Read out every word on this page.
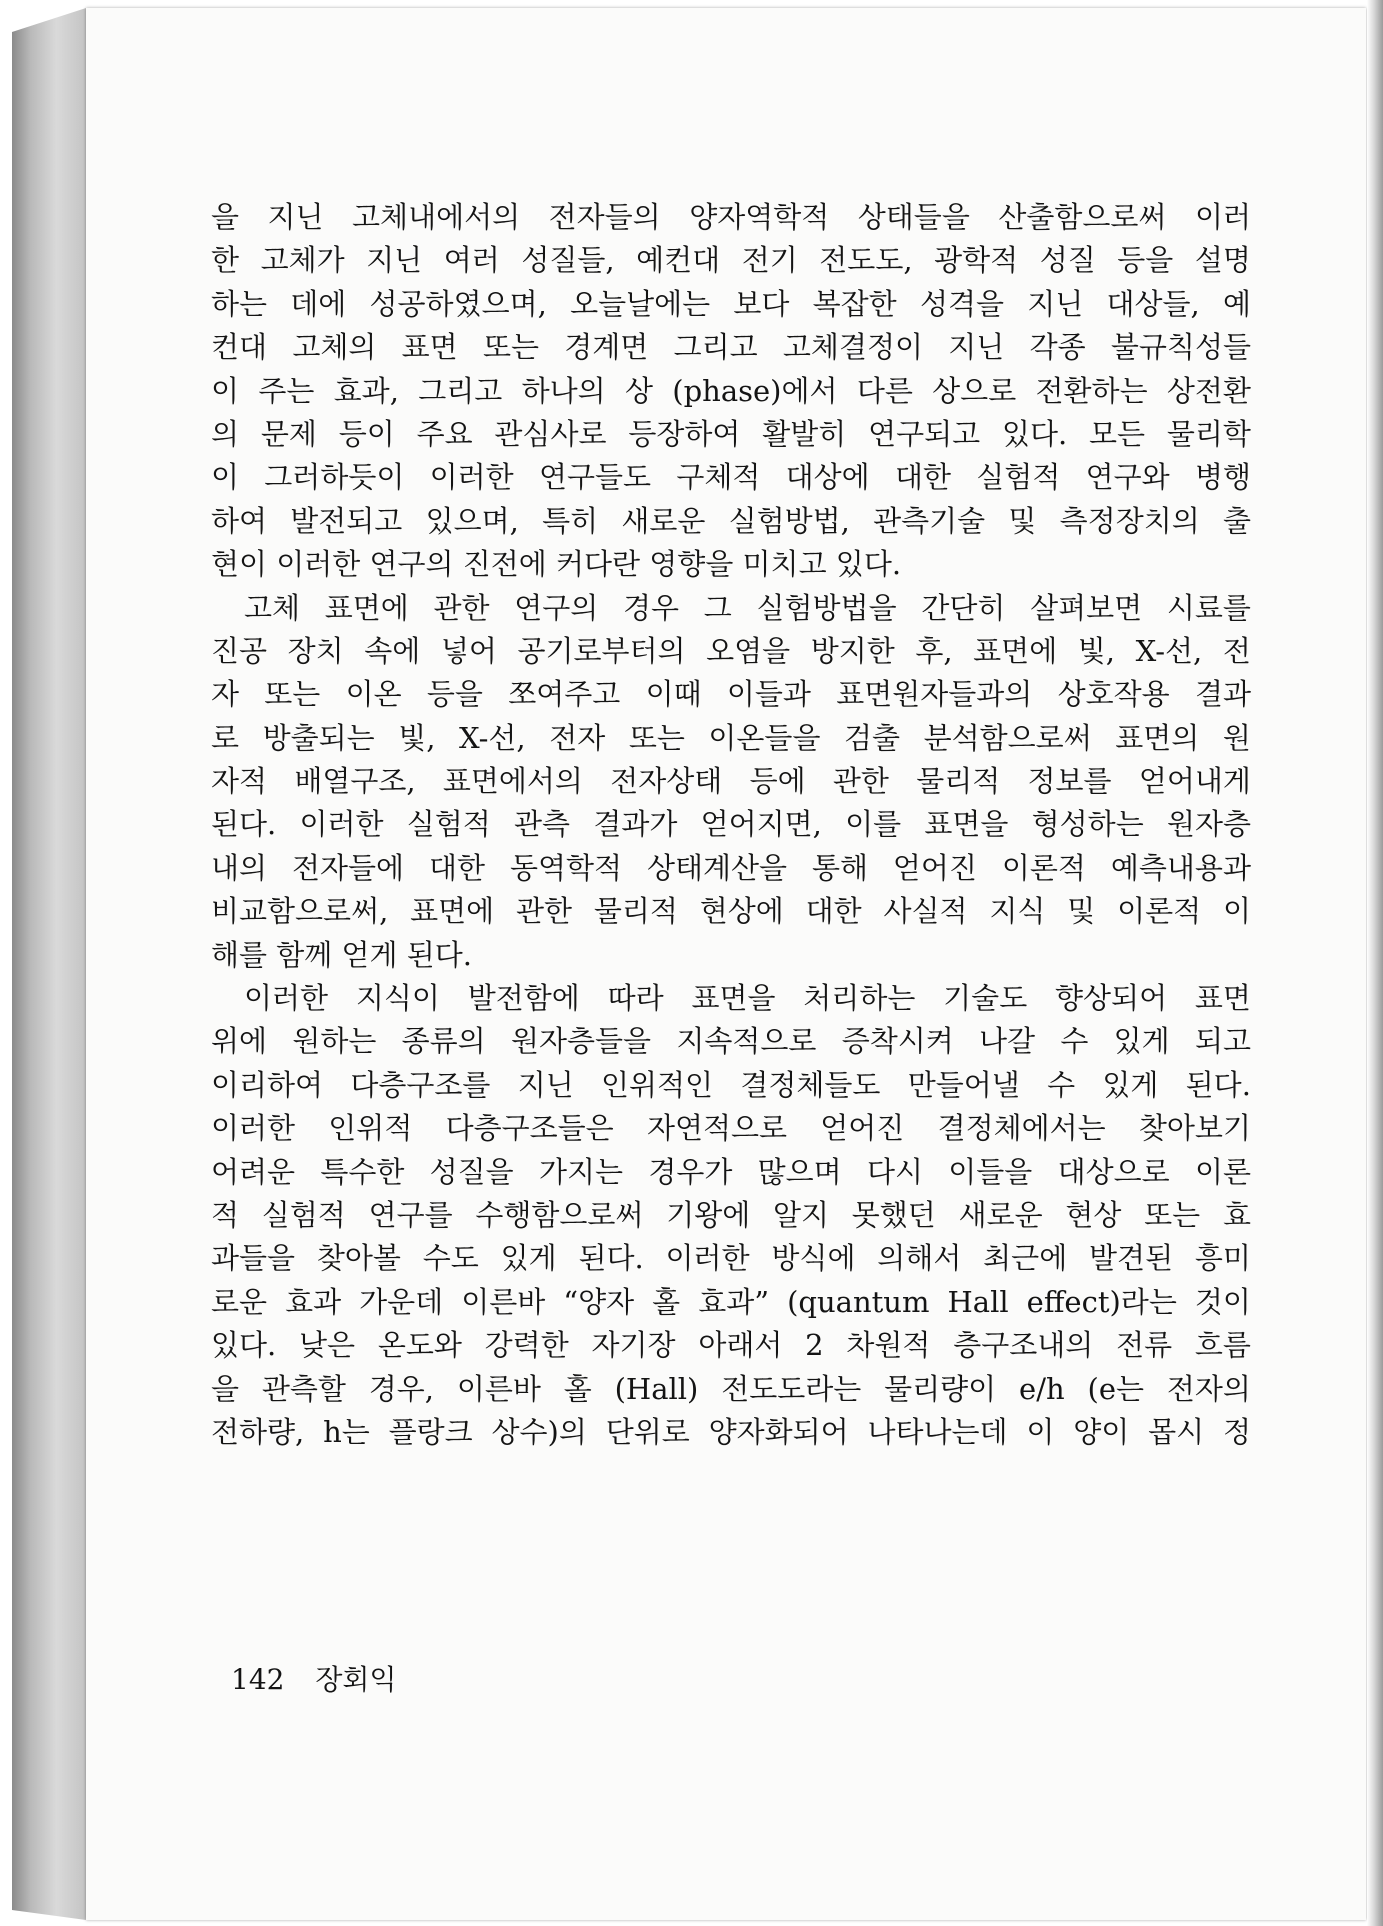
을 지닌 고체내에서의 전자들의 양자역학적 상태들을 산출함으로써 이러
한 고체가 지닌 여러 성질들, 예컨대 전기 전도도, 광학적 성질 등을 설명
하는 데에 성공하였으며, 오늘날에는 보다 복잡한 성격을 지닌 대상들, 예
컨대 고체의 표면 또는 경계면 그리고 고체결정이 지닌 각종 불규칙성들
이 주는 효과, 그리고 하나의 상 (phase)에서 다른 상으로 전환하는 상전환
의 문제 등이 주요 관심사로 등장하여 활발히 연구되고 있다. 모든 물리학
이 그러하듯이 이러한 연구들도 구체적 대상에 대한 실험적 연구와 병행
하여 발전되고 있으며, 특히 새로운 실험방법, 관측기술 및 측정장치의 출
현이 이러한 연구의 진전에 커다란 영향을 미치고 있다.
고체 표면에 관한 연구의 경우 그 실험방법을 간단히 살펴보면 시료를
진공 장치 속에 넣어 공기로부터의 오염을 방지한 후, 표면에 빛, X-선, 전
자 또는 이온 등을 쪼여주고 이때 이들과 표면원자들과의 상호작용 결과
로 방출되는 빛, X-선, 전자 또는 이온들을 검출 분석함으로써 표면의 원
자적 배열구조, 표면에서의 전자상태 등에 관한 물리적 정보를 얻어내게
된다. 이러한 실험적 관측 결과가 얻어지면, 이를 표면을 형성하는 원자층
내의 전자들에 대한 동역학적 상태계산을 통해 얻어진 이론적 예측내용과
비교함으로써, 표면에 관한 물리적 현상에 대한 사실적 지식 및 이론적 이
해를 함께 얻게 된다.
이러한 지식이 발전함에 따라 표면을 처리하는 기술도 향상되어 표면
위에 원하는 종류의 원자층들을 지속적으로 증착시켜 나갈 수 있게 되고
이리하여 다층구조를 지닌 인위적인 결정체들도 만들어낼 수 있게 된다.
이러한 인위적 다층구조들은 자연적으로 얻어진 결정체에서는 찾아보기
어려운 특수한 성질을 가지는 경우가 많으며 다시 이들을 대상으로 이론
적 실험적 연구를 수행함으로써 기왕에 알지 못했던 새로운 현상 또는 효
과들을 찾아볼 수도 있게 된다. 이러한 방식에 의해서 최근에 발견된 흥미
로운 효과 가운데 이른바 “양자 홀 효과” (quantum Hall effect)라는 것이
있다. 낮은 온도와 강력한 자기장 아래서 2 차원적 층구조내의 전류 흐름
을 관측할 경우, 이른바 홀 (Hall) 전도도라는 물리량이 e/h (e는 전자의
전하량, h는 플랑크 상수)의 단위로 양자화되어 나타나는데 이 양이 몹시 정
142 장회익
